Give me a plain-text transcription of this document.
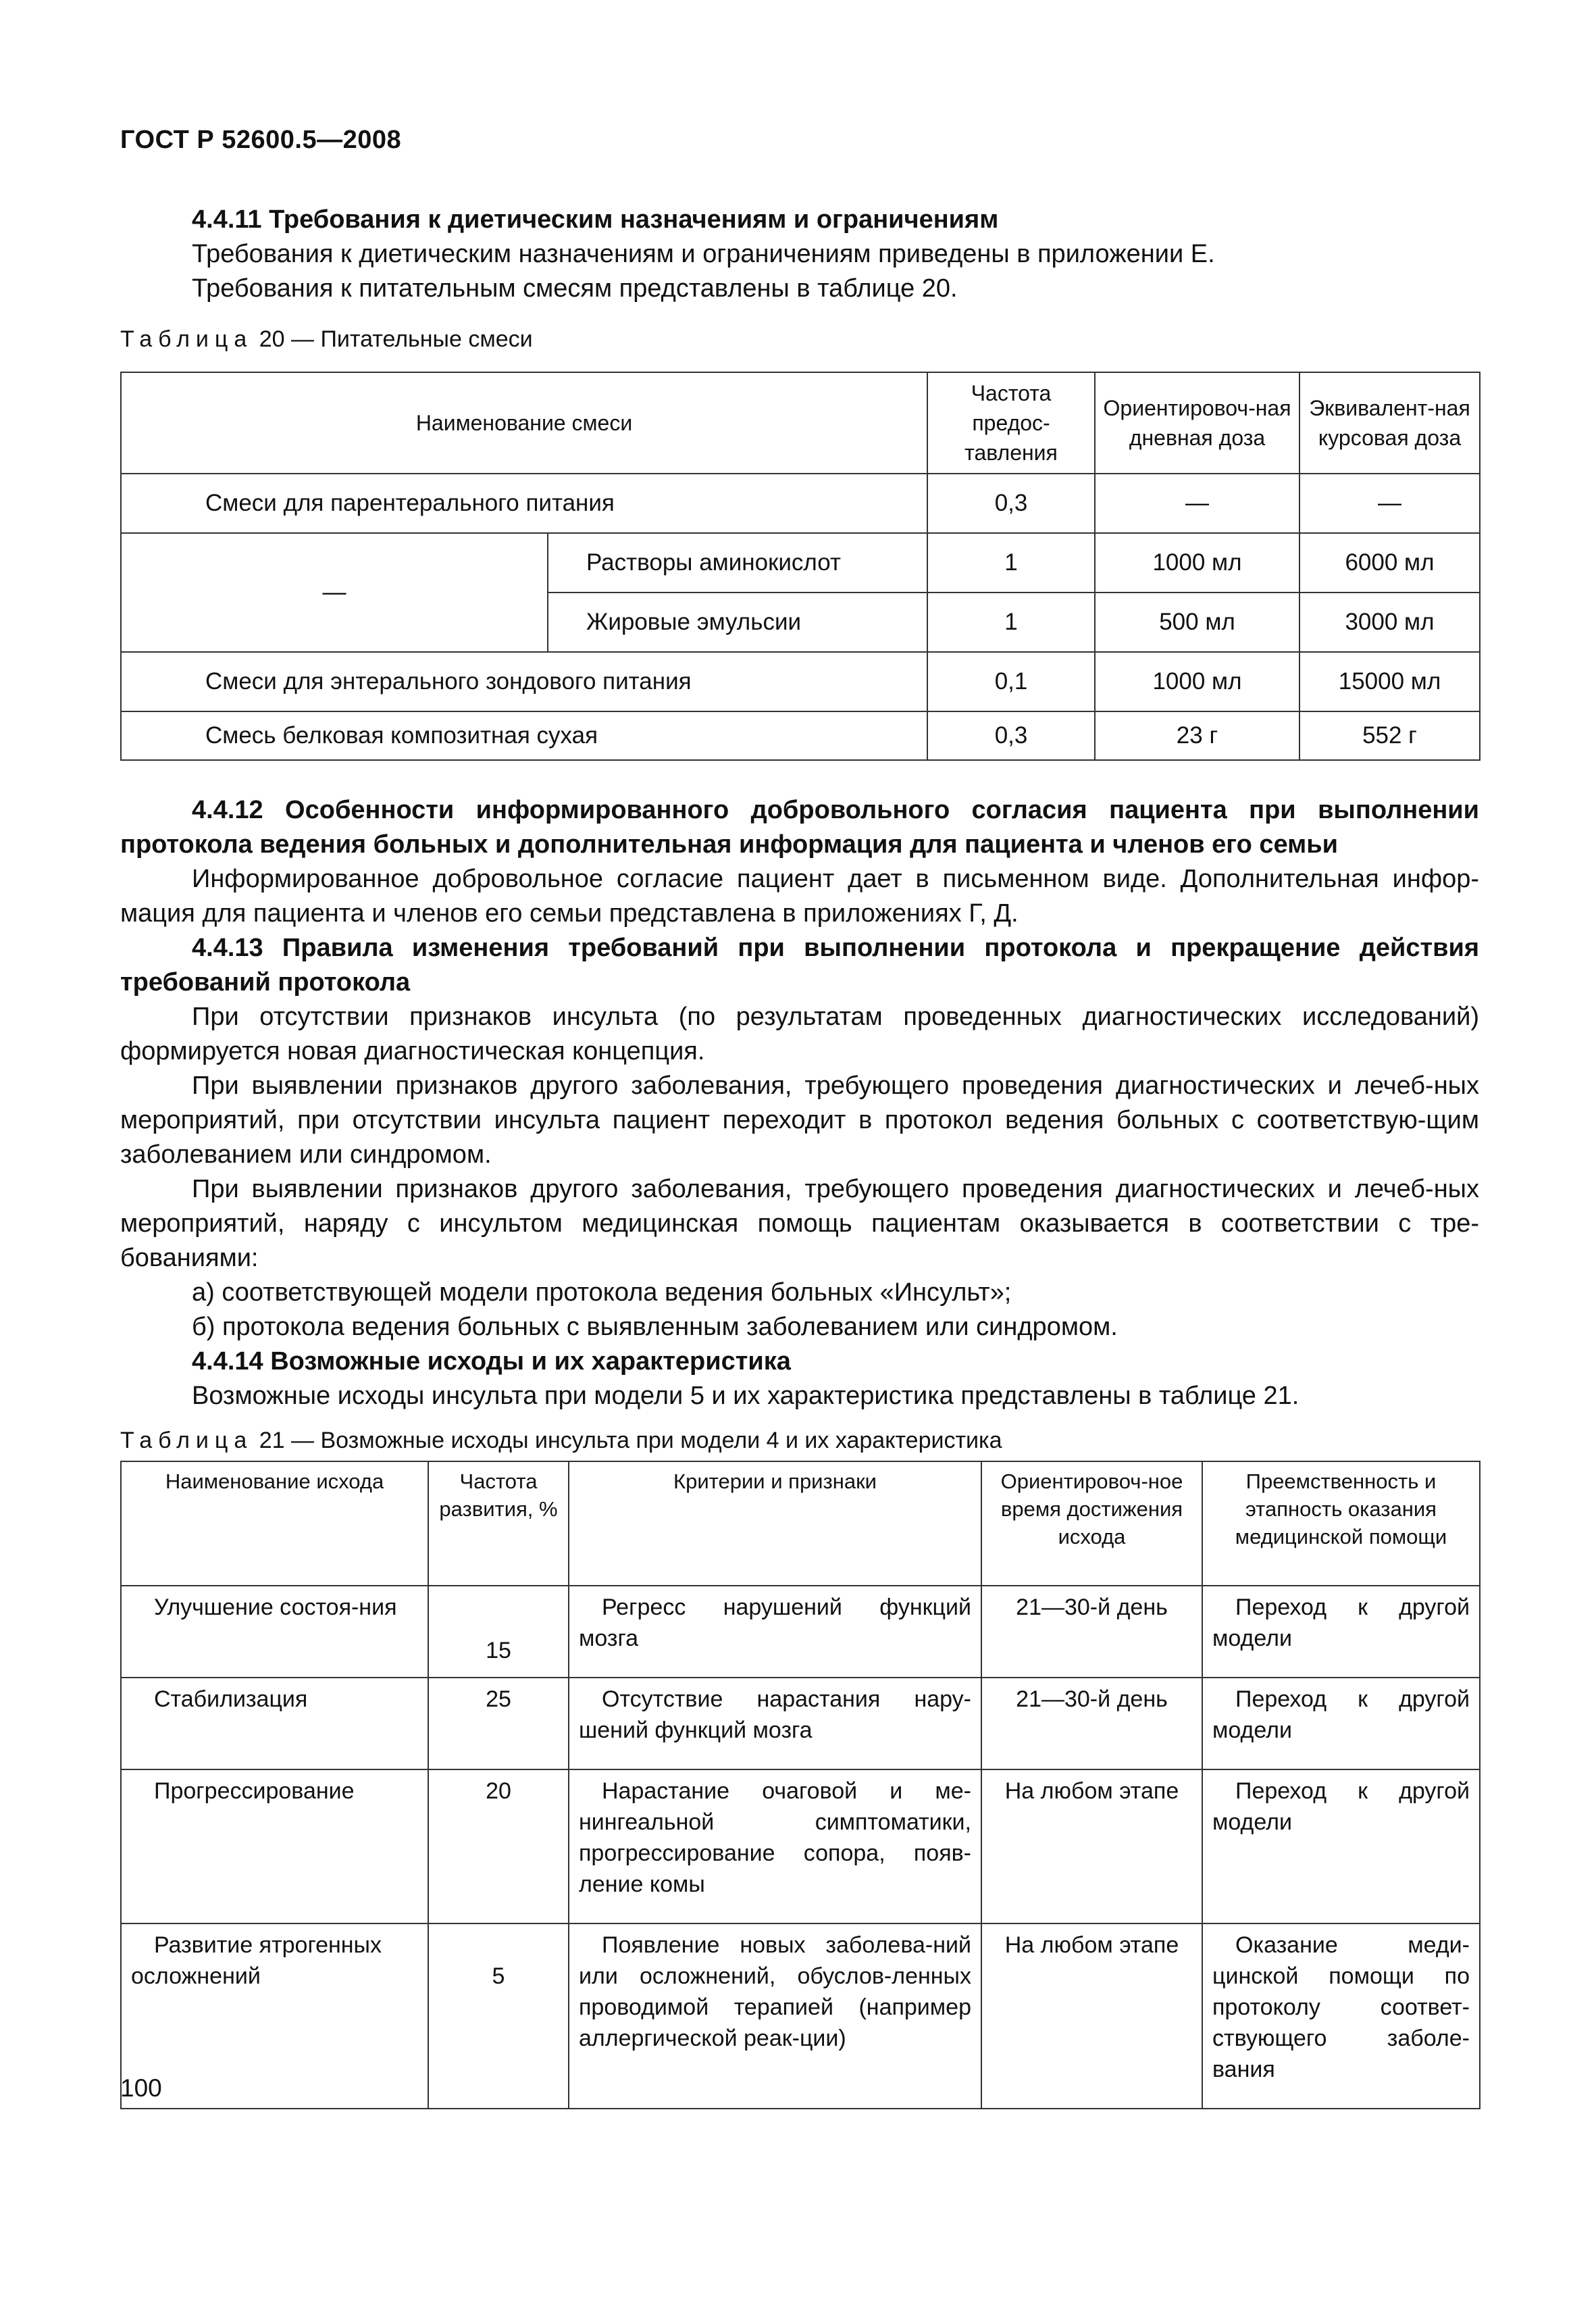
ГОСТ Р 52600.5—2008
4.4.11 Требования к диетическим назначениям и ограничениям
Требования к диетическим назначениям и ограничениям приведены в приложении Е.
Требования к питательным смесям представлены в таблице 20.
Таблица 20 — Питательные смеси
Наименование смеси		Частота предос-тавления	Ориентировоч-ная дневная доза	Эквивалент-ная курсовая доза
Смеси для парентерального питания		0,3	—	—
—	Растворы аминокислот	1	1000 мл	6000 мл
	Жировые эмульсии	1	500 мл	3000 мл
Смеси для энтерального зондового питания		0,1	1000 мл	15000 мл
Смесь белковая композитная сухая		0,3	23 г	552 г
4.4.12 Особенности информированного добровольного согласия пациента при выполнении протокола ведения больных и дополнительная информация для пациента и членов его семьи
Информированное добровольное согласие пациент дает в письменном виде. Дополнительная инфор-мация для пациента и членов его семьи представлена в приложениях Г, Д.
4.4.13 Правила изменения требований при выполнении протокола и прекращение действия требований протокола
При отсутствии признаков инсульта (по результатам проведенных диагностических исследований) формируется новая диагностическая концепция.
При выявлении признаков другого заболевания, требующего проведения диагностических и лечеб-ных мероприятий, при отсутствии инсульта пациент переходит в протокол ведения больных с соответствую-щим заболеванием или синдромом.
При выявлении признаков другого заболевания, требующего проведения диагностических и лечеб-ных мероприятий, наряду с инсультом медицинская помощь пациентам оказывается в соответствии с тре-бованиями:
а) соответствующей модели протокола ведения больных «Инсульт»;
б) протокола ведения больных с выявленным заболеванием или синдромом.
4.4.14 Возможные исходы и их характеристика
Возможные исходы инсульта при модели 5 и их характеристика представлены в таблице 21.
Таблица 21 — Возможные исходы инсульта при модели 4 и их характеристика
Наименование исхода	Частота развития, %	Критерии и признаки	Ориентировоч-ное время достижения исхода	Преемственность и этапность оказания медицинской помощи
Улучшение состоя-ния	15	Регресс нарушений функций мозга	21—30-й день	Переход к другой модели
Стабилизация	25	Отсутствие нарастания нару-шений функций мозга	21—30-й день	Переход к другой модели
Прогрессирование	20	Нарастание очаговой и ме-нингеальной симптоматики, прогрессирование сопора, появ-ление комы	На любом этапе	Переход к другой модели
Развитие ятрогенных осложнений	5	Появление новых заболева-ний или осложнений, обуслов-ленных проводимой терапией (например аллергической реак-ции)	На любом этапе	Оказание меди-цинской помощи по протоколу соответ-ствующего заболе-вания
100
